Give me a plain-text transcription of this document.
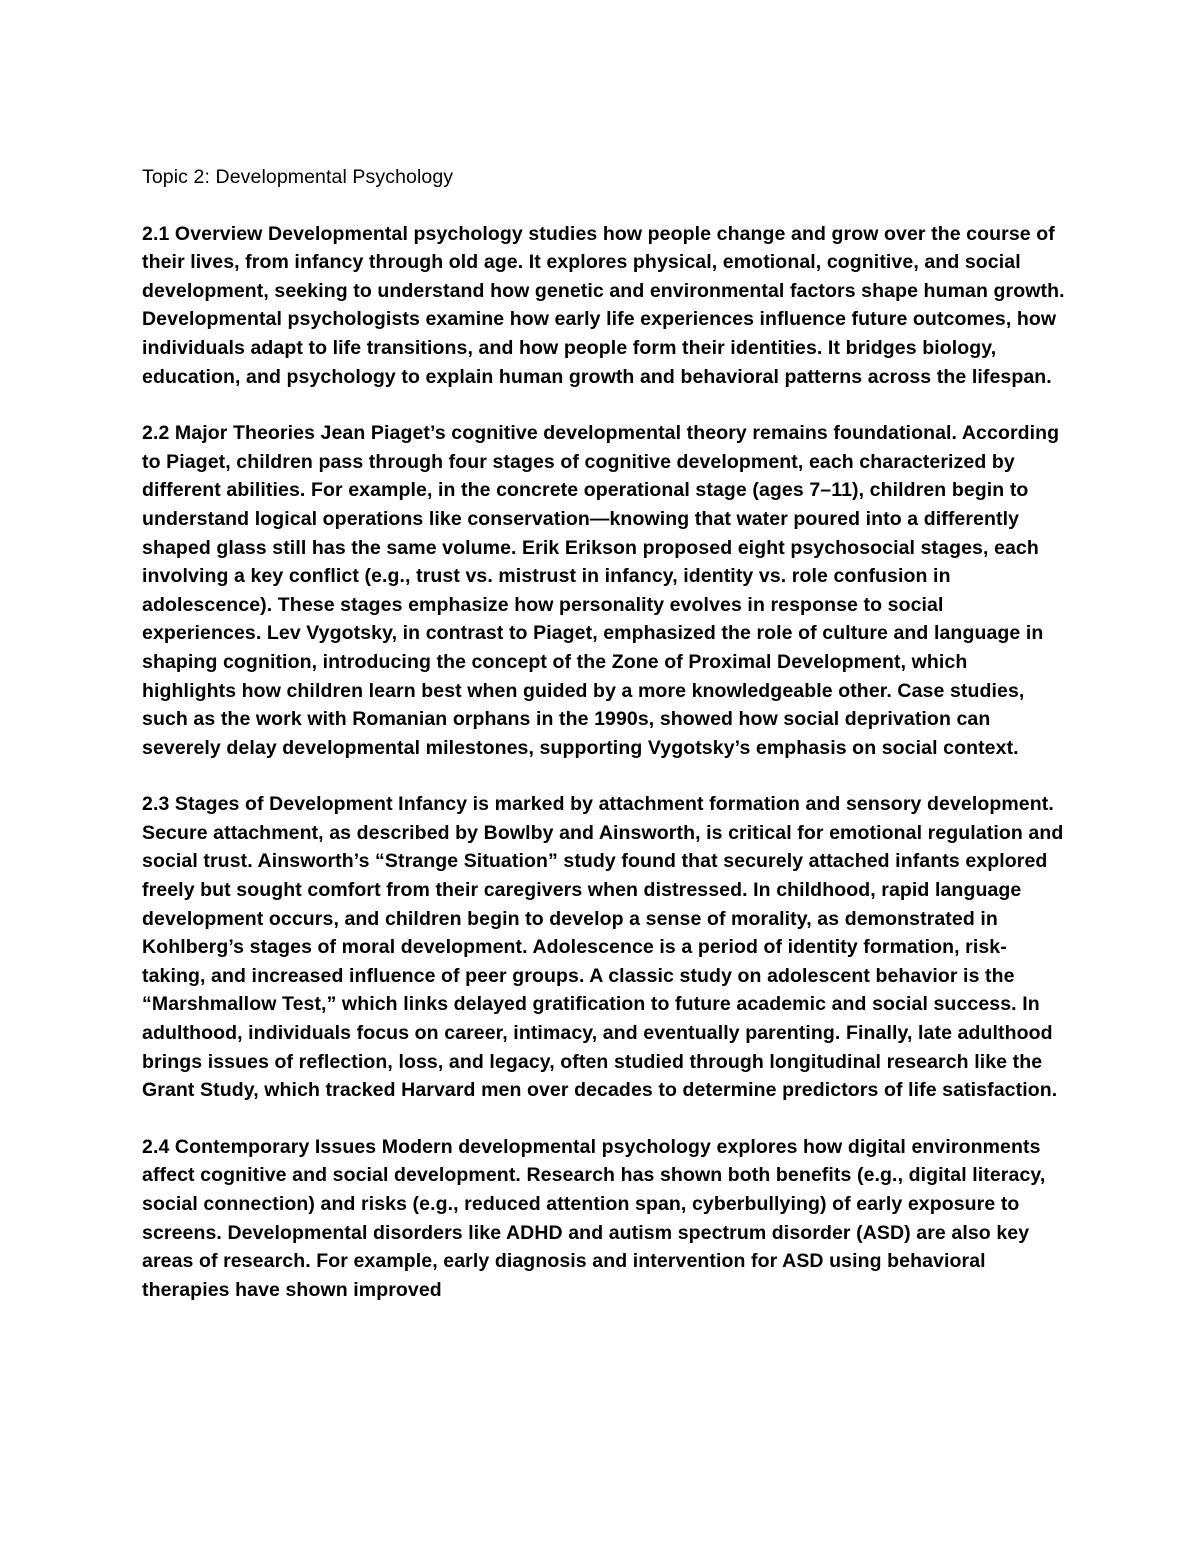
Topic 2: Developmental Psychology

2.1 Overview Developmental psychology studies how people change and grow over the course of their lives, from infancy through old age. It explores physical, emotional, cognitive, and social development, seeking to understand how genetic and environmental factors shape human growth. Developmental psychologists examine how early life experiences influence future outcomes, how individuals adapt to life transitions, and how people form their identities. It bridges biology, education, and psychology to explain human growth and behavioral patterns across the lifespan.

2.2 Major Theories Jean Piaget’s cognitive developmental theory remains foundational. According to Piaget, children pass through four stages of cognitive development, each characterized by different abilities. For example, in the concrete operational stage (ages 7–11), children begin to understand logical operations like conservation—knowing that water poured into a differently shaped glass still has the same volume. Erik Erikson proposed eight psychosocial stages, each involving a key conflict (e.g., trust vs. mistrust in infancy, identity vs. role confusion in adolescence). These stages emphasize how personality evolves in response to social experiences. Lev Vygotsky, in contrast to Piaget, emphasized the role of culture and language in shaping cognition, introducing the concept of the Zone of Proximal Development, which highlights how children learn best when guided by a more knowledgeable other. Case studies, such as the work with Romanian orphans in the 1990s, showed how social deprivation can severely delay developmental milestones, supporting Vygotsky’s emphasis on social context.

2.3 Stages of Development Infancy is marked by attachment formation and sensory development. Secure attachment, as described by Bowlby and Ainsworth, is critical for emotional regulation and social trust. Ainsworth’s “Strange Situation” study found that securely attached infants explored freely but sought comfort from their caregivers when distressed. In childhood, rapid language development occurs, and children begin to develop a sense of morality, as demonstrated in Kohlberg’s stages of moral development. Adolescence is a period of identity formation, risk-taking, and increased influence of peer groups. A classic study on adolescent behavior is the “Marshmallow Test,” which links delayed gratification to future academic and social success. In adulthood, individuals focus on career, intimacy, and eventually parenting. Finally, late adulthood brings issues of reflection, loss, and legacy, often studied through longitudinal research like the Grant Study, which tracked Harvard men over decades to determine predictors of life satisfaction.

2.4 Contemporary Issues Modern developmental psychology explores how digital environments affect cognitive and social development. Research has shown both benefits (e.g., digital literacy, social connection) and risks (e.g., reduced attention span, cyberbullying) of early exposure to screens. Developmental disorders like ADHD and autism spectrum disorder (ASD) are also key areas of research. For example, early diagnosis and intervention for ASD using behavioral therapies have shown improved
